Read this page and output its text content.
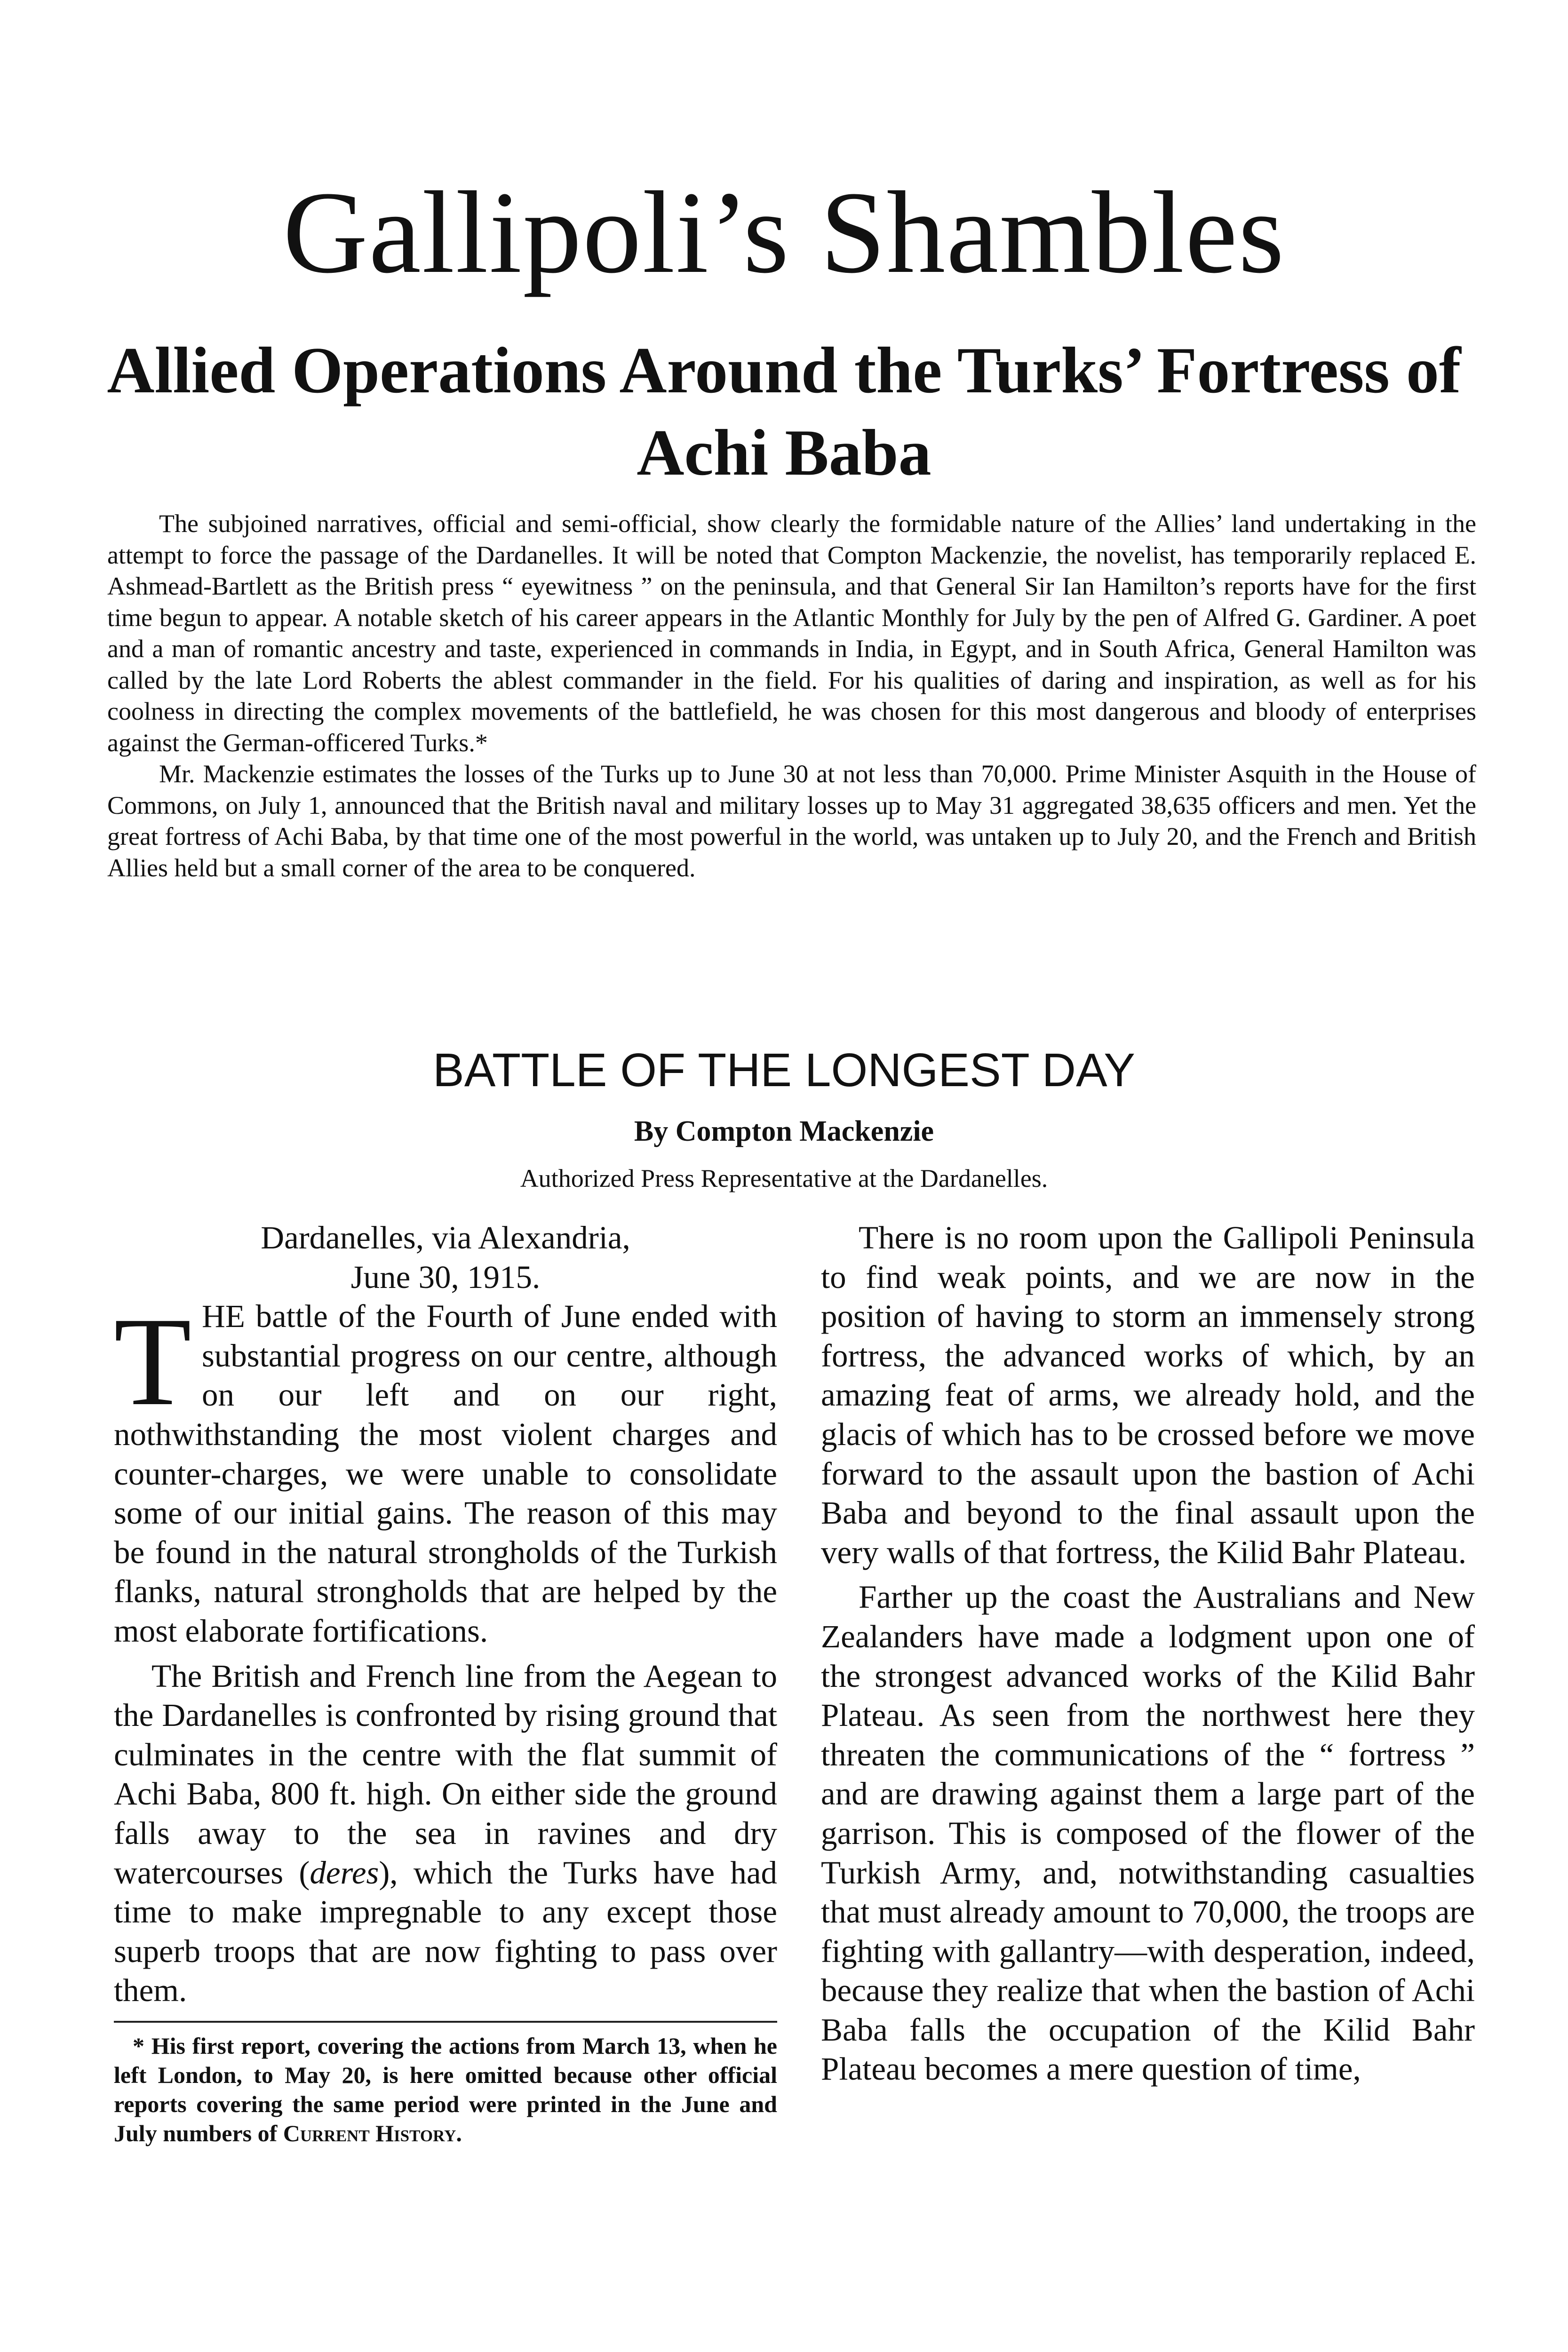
Gallipoli’s Shambles
Allied Operations Around the Turks’ Fortress of Achi Baba

The subjoined narratives, official and semi-official, show clearly the formidable nature of the Allies’ land undertaking in the attempt to force the passage of the Dardanelles. It will be noted that Compton Mackenzie, the novelist, has temporarily replaced E. Ashmead-Bartlett as the British press “ eyewitness ” on the peninsula, and that General Sir Ian Hamilton’s reports have for the first time begun to appear. A notable sketch of his career appears in the Atlantic Monthly for July by the pen of Alfred G. Gardiner. A poet and a man of romantic ancestry and taste, experienced in commands in India, in Egypt, and in South Africa, General Hamilton was called by the late Lord Roberts the ablest commander in the field. For his qualities of daring and inspiration, as well as for his coolness in directing the complex movements of the battlefield, he was chosen for this most dangerous and bloody of enterprises against the German-officered Turks.*

Mr. Mackenzie estimates the losses of the Turks up to June 30 at not less than 70,000. Prime Minister Asquith in the House of Commons, on July 1, announced that the British naval and military losses up to May 31 aggregated 38,635 officers and men. Yet the great fortress of Achi Baba, by that time one of the most powerful in the world, was untaken up to July 20, and the French and British Allies held but a small corner of the area to be conquered.

BATTLE OF THE LONGEST DAY
By Compton Mackenzie
Authorized Press Representative at the Dardanelles.

Dardanelles, via Alexandria,

June 30, 1915.

THE battle of the Fourth of June ended with substantial progress on our centre, although on our left and on our right, nothwithstanding the most violent charges and counter-charges, we were unable to consolidate some of our initial gains. The reason of this may be found in the natural strongholds of the Turkish flanks, natural strongholds that are helped by the most elaborate fortifications.

The British and French line from the Aegean to the Dardanelles is confronted by rising ground that culminates in the centre with the flat summit of Achi Baba, 800 ft. high. On either side the ground falls away to the sea in ravines and dry watercourses (deres), which the Turks have had time to make impregnable to any except those superb troops that are now fighting to pass over them.

* His first report, covering the actions from March 13, when he left London, to May 20, is here omitted because other official reports covering the same period were printed in the June and July numbers of Current History.

There is no room upon the Gallipoli Peninsula to find weak points, and we are now in the position of having to storm an immensely strong fortress, the advanced works of which, by an amazing feat of arms, we already hold, and the glacis of which has to be crossed before we move forward to the assault upon the bastion of Achi Baba and beyond to the final assault upon the very walls of that fortress, the Kilid Bahr Plateau.

Farther up the coast the Australians and New Zealanders have made a lodgment upon one of the strongest advanced works of the Kilid Bahr Plateau. As seen from the northwest here they threaten the communications of the “ fortress ” and are drawing against them a large part of the garrison. This is composed of the flower of the Turkish Army, and, notwithstanding casualties that must already amount to 70,000, the troops are fighting with gallantry—with desperation, indeed, because they realize that when the bastion of Achi Baba falls the occupation of the Kilid Bahr Plateau becomes a mere question of time,
